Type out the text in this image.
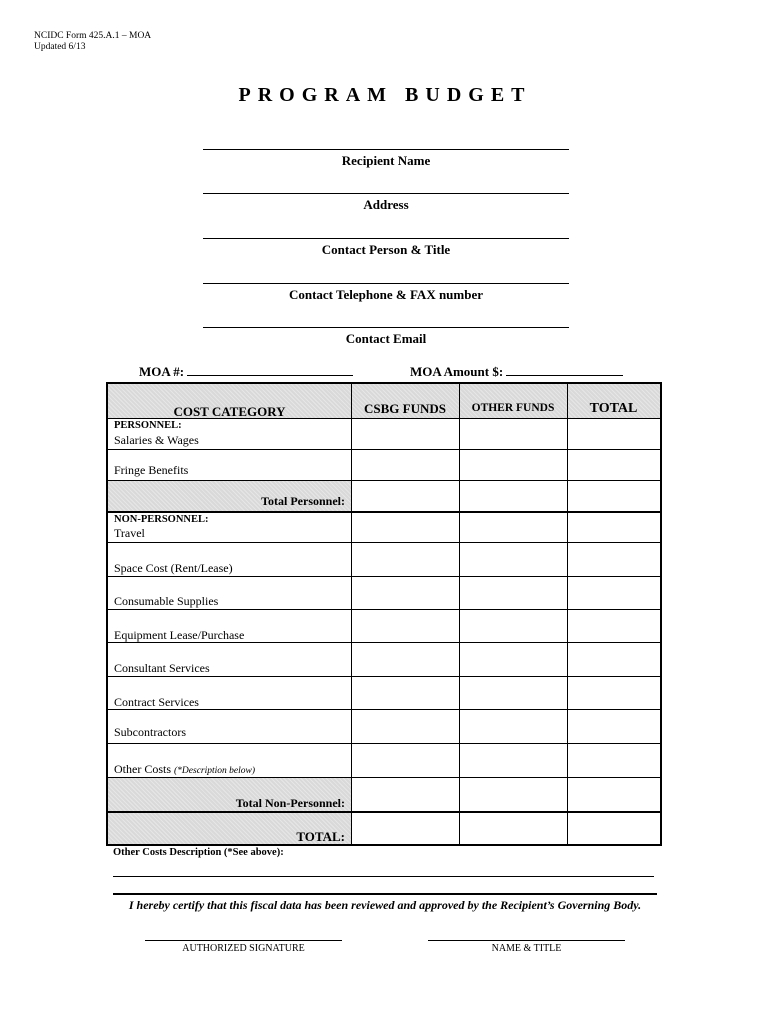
NCIDC Form 425.A.1 – MOA
Updated 6/13
PROGRAM BUDGET
Recipient Name
Address
Contact Person & Title
Contact Telephone & FAX number
Contact Email
MOA #:	MOA Amount $:
COST CATEGORY	CSBG FUNDS	OTHER FUNDS	TOTAL
PERSONNEL:
Salaries & Wages
Fringe Benefits
Total Personnel:
NON-PERSONNEL:
Travel
Space Cost (Rent/Lease)
Consumable Supplies
Equipment Lease/Purchase
Consultant Services
Contract Services
Subcontractors
Other Costs (*Description below)
Total Non-Personnel:
TOTAL:
Other Costs Description (*See above):
I hereby certify that this fiscal data has been reviewed and approved by the Recipient’s Governing Body.
AUTHORIZED SIGNATURE	NAME & TITLE
